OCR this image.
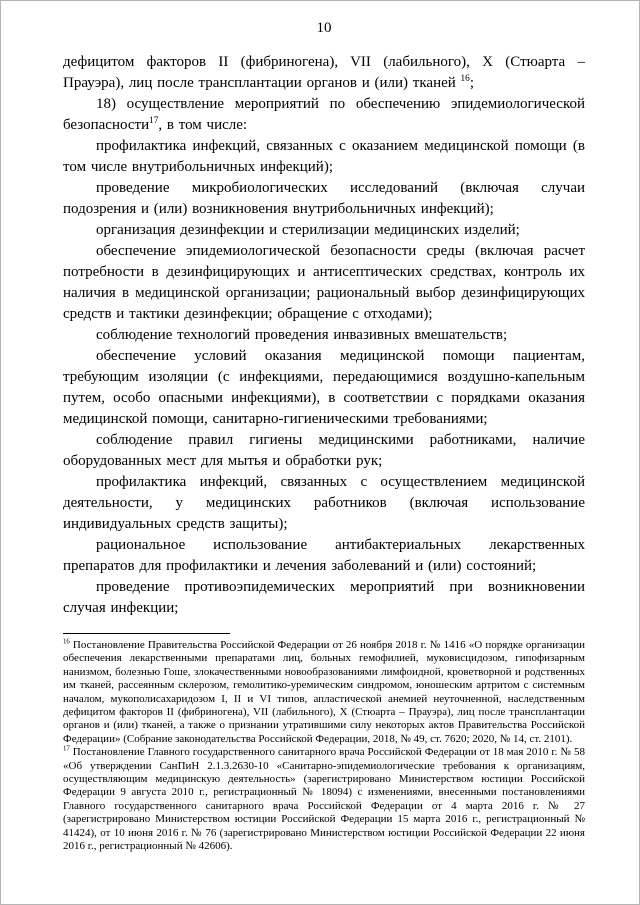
10

дефицитом факторов II (фибриногена), VII (лабильного), X (Стюарта – Прауэра), лиц после трансплантации органов и (или) тканей $^{16}$;

18) осуществление мероприятий по обеспечению эпидемиологической безопасности$^{17}$, в том числе:

профилактика инфекций, связанных с оказанием медицинской помощи (в том числе внутрибольничных инфекций);

проведение микробиологических исследований (включая случаи подозрения и (или) возникновения внутрибольничных инфекций);

организация дезинфекции и стерилизации медицинских изделий;

обеспечение эпидемиологической безопасности среды (включая расчет потребности в дезинфицирующих и антисептических средствах, контроль их наличия в медицинской организации; рациональный выбор дезинфицирующих средств и тактики дезинфекции; обращение с отходами);

соблюдение технологий проведения инвазивных вмешательств;

обеспечение условий оказания медицинской помощи пациентам, требующим изоляции (с инфекциями, передающимися воздушно-капельным путем, особо опасными инфекциями), в соответствии с порядками оказания медицинской помощи, санитарно-гигиеническими требованиями;

соблюдение правил гигиены медицинскими работниками, наличие оборудованных мест для мытья и обработки рук;

профилактика инфекций, связанных с осуществлением медицинской деятельности, у медицинских работников (включая использование индивидуальных средств защиты);

рациональное использование антибактериальных лекарственных препаратов для профилактики и лечения заболеваний и (или) состояний;

проведение противоэпидемических мероприятий при возникновении случая инфекции;

$^{16}$ Постановление Правительства Российской Федерации от 26 ноября 2018 г. № 1416 «О порядке организации обеспечения лекарственными препаратами лиц, больных гемофилией, муковисцидозом, гипофизарным нанизмом, болезнью Гоше, злокачественными новообразованиями лимфоидной, кроветворной и родственных им тканей, рассеянным склерозом, гемолитико-уремическим синдромом, юношеским артритом с системным началом, мукополисахаридозом I, II и VI типов, апластической анемией неуточненной, наследственным дефицитом факторов II (фибриногена), VII (лабильного), X (Стюарта – Прауэра), лиц после трансплантации органов и (или) тканей, а также о признании утратившими силу некоторых актов Правительства Российской Федерации» (Собрание законодательства Российской Федерации, 2018, № 49, ст. 7620; 2020, № 14, ст. 2101).

$^{17}$ Постановление Главного государственного санитарного врача Российской Федерации от 18 мая 2010 г. № 58 «Об утверждении СанПиН 2.1.3.2630-10 «Санитарно-эпидемиологические требования к организациям, осуществляющим медицинскую деятельность» (зарегистрировано Министерством юстиции Российской Федерации 9 августа 2010 г., регистрационный № 18094) с изменениями, внесенными постановлениями Главного государственного санитарного врача Российской Федерации от 4 марта 2016 г. № 27 (зарегистрировано Министерством юстиции Российской Федерации 15 марта 2016 г., регистрационный № 41424), от 10 июня 2016 г. № 76 (зарегистрировано Министерством юстиции Российской Федерации 22 июня 2016 г., регистрационный № 42606).
